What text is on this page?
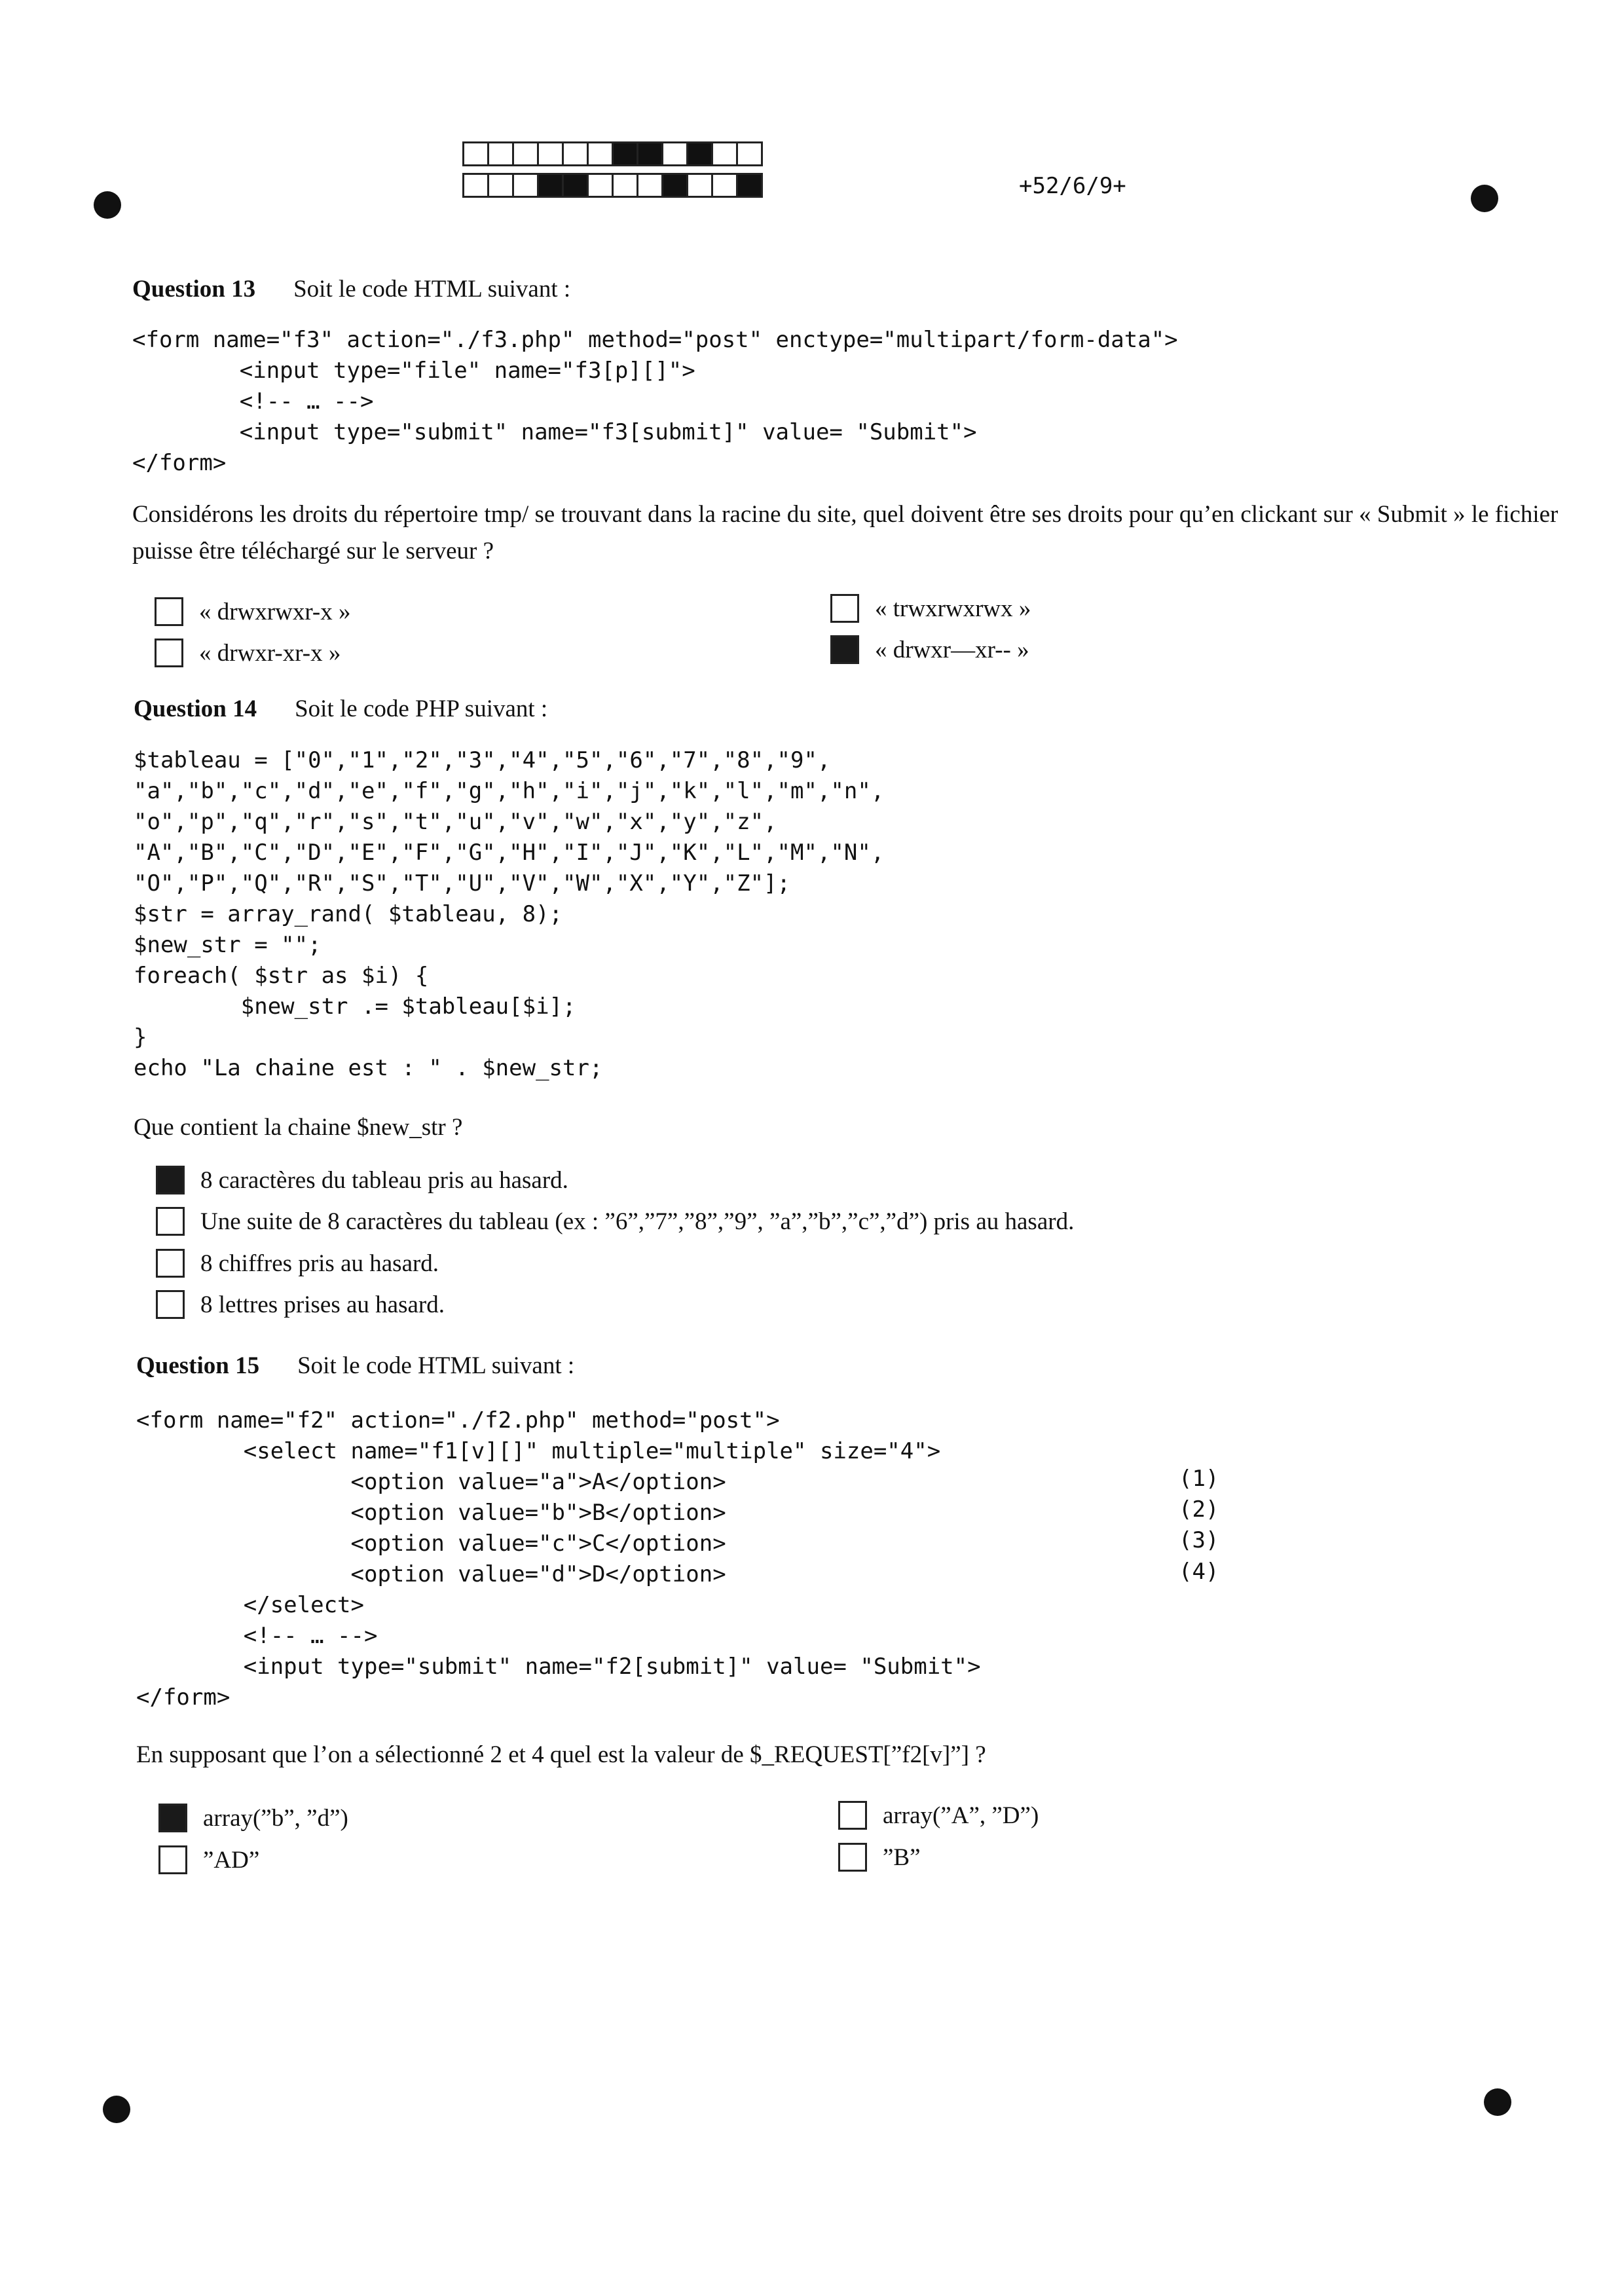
+52/6/9+
Question 13 Soit le code HTML suivant :
<form name="f3" action="./f3.php" method="post" enctype="multipart/form-data">
<input type="file" name="f3[p][]">
<!-- … -->
<input type="submit" name="f3[submit]" value= "Submit">
</form>
Considérons les droits du répertoire tmp/ se trouvant dans la racine du site, quel doivent être ses droits pour qu’en clickant sur « Submit » le fichier puisse être téléchargé sur le serveur ?
« drwxrwxr-x »
« drwxr-xr-x »
« trwxrwxrwx »
« drwxr—xr-- »
Question 14 Soit le code PHP suivant :
$tableau = ["0","1","2","3","4","5","6","7","8","9",
"a","b","c","d","e","f","g","h","i","j","k","l","m","n",
"o","p","q","r","s","t","u","v","w","x","y","z",
"A","B","C","D","E","F","G","H","I","J","K","L","M","N",
"O","P","Q","R","S","T","U","V","W","X","Y","Z"];
$str = array_rand( $tableau, 8);
$new_str = "";
foreach( $str as $i) {
$new_str .= $tableau[$i];
}
echo "La chaine est : " . $new_str;
Que contient la chaine $new_str ?
8 caractères du tableau pris au hasard.
Une suite de 8 caractères du tableau (ex : ”6”,”7”,”8”,”9”, ”a”,”b”,”c”,”d”) pris au hasard.
8 chiffres pris au hasard.
8 lettres prises au hasard.
Question 15 Soit le code HTML suivant :
<form name="f2" action="./f2.php" method="post">
<select name="f1[v][]" multiple="multiple" size="4">
<option value="a">A</option>
<option value="b">B</option>
<option value="c">C</option>
<option value="d">D</option>
</select>
<!-- … -->
<input type="submit" name="f2[submit]" value= "Submit">
</form>
(1)
(2)
(3)
(4)
En supposant que l’on a sélectionné 2 et 4 quel est la valeur de $_REQUEST[”f2[v]”] ?
array(”b”, ”d”)
”AD”
array(”A”, ”D”)
”B”
